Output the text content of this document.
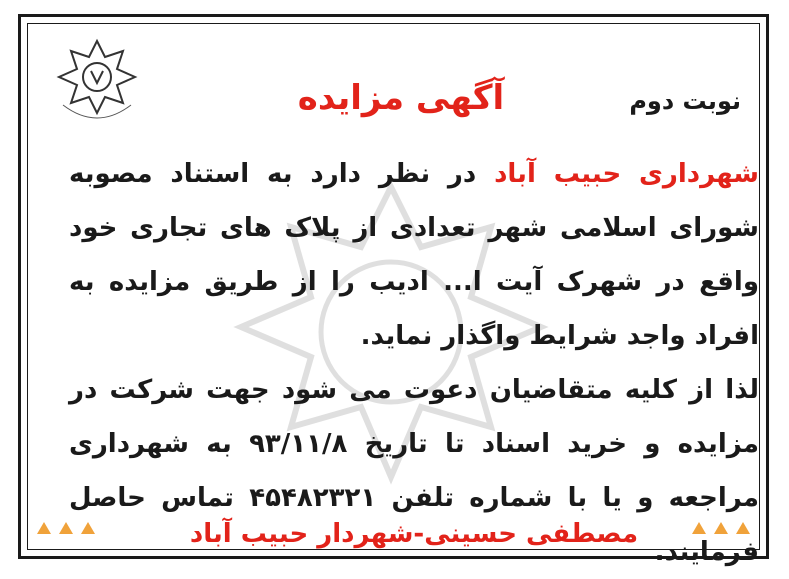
آگهی مزایده	نوبت دوم

شهرداری حبیب آباد در نظر دارد به استناد مصوبه شورای اسلامی شهر تعدادی از پلاک های تجاری خود واقع در شهرک آیت ا... ادیب را از طریق مزایده به افراد واجد شرایط واگذار نماید.

لذا از کلیه متقاضیان دعوت می شود جهت شرکت در مزایده و خرید اسناد تا تاریخ ۹۳/۱۱/۸ به شهرداری مراجعه و یا با شماره تلفن ۴۵۴۸۲۳۲۱ تماس حاصل فرمایند.

مصطفی حسینی-شهردار حبیب آباد
